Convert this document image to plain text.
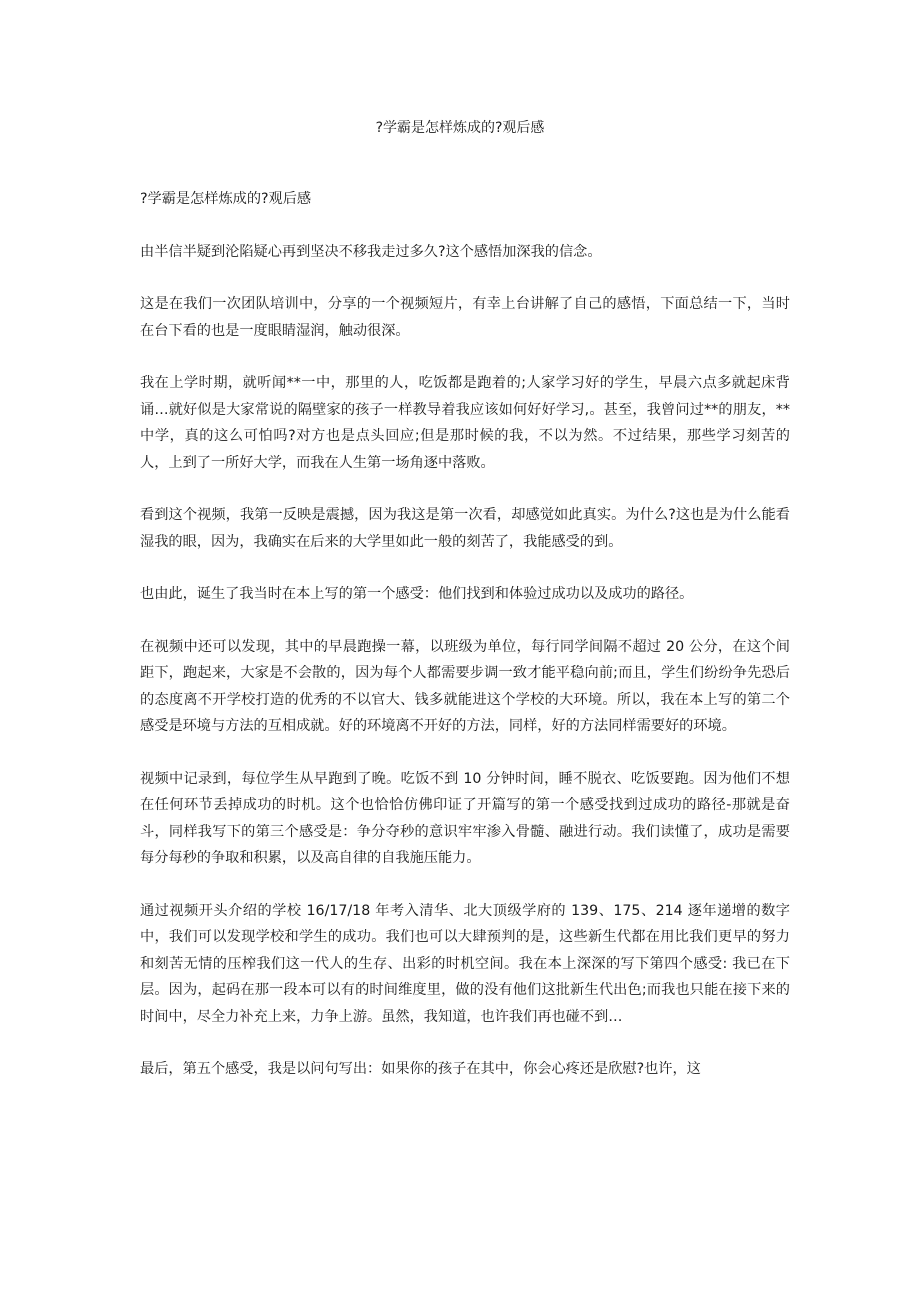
?学霸是怎样炼成的?观后感

?学霸是怎样炼成的?观后感

由半信半疑到沦陷疑心再到坚决不移我走过多久?这个感悟加深我的信念。

这是在我们一次团队培训中，分享的一个视频短片，有幸上台讲解了自己的感悟，下面总结一下，当时在台下看的也是一度眼睛湿润，触动很深。

我在上学时期，就听闻**一中，那里的人，吃饭都是跑着的;人家学习好的学生，早晨六点多就起床背诵…就好似是大家常说的隔壁家的孩子一样教导着我应该如何好好学习,。甚至，我曾问过**的朋友，**中学，真的这么可怕吗?对方也是点头回应;但是那时候的我，不以为然。不过结果，那些学习刻苦的人，上到了一所好大学，而我在人生第一场角逐中落败。

看到这个视频，我第一反映是震撼，因为我这是第一次看，却感觉如此真实。为什么?这也是为什么能看湿我的眼，因为，我确实在后来的大学里如此一般的刻苦了，我能感受的到。

也由此，诞生了我当时在本上写的第一个感受：他们找到和体验过成功以及成功的路径。

在视频中还可以发现，其中的早晨跑操一幕，以班级为单位，每行同学间隔不超过 20 公分，在这个间距下，跑起来，大家是不会散的，因为每个人都需要步调一致才能平稳向前;而且，学生们纷纷争先恐后的态度离不开学校打造的优秀的不以官大、钱多就能进这个学校的大环境。所以，我在本上写的第二个感受是环境与方法的互相成就。好的环境离不开好的方法，同样，好的方法同样需要好的环境。

视频中记录到，每位学生从早跑到了晚。吃饭不到 10 分钟时间，睡不脱衣、吃饭要跑。因为他们不想在任何环节丢掉成功的时机。这个也恰恰仿佛印证了开篇写的第一个感受找到过成功的路径-那就是奋斗，同样我写下的第三个感受是：争分夺秒的意识牢牢渗入骨髓、融进行动。我们读懂了，成功是需要每分每秒的争取和积累，以及高自律的自我施压能力。

通过视频开头介绍的学校 16/17/18 年考入清华、北大顶级学府的 139、175、214 逐年递增的数字中，我们可以发现学校和学生的成功。我们也可以大肆预判的是，这些新生代都在用比我们更早的努力和刻苦无情的压榨我们这一代人的生存、出彩的时机空间。我在本上深深的写下第四个感受: 我已在下层。因为，起码在那一段本可以有的时间维度里，做的没有他们这批新生代出色;而我也只能在接下来的时间中，尽全力补充上来，力争上游。虽然，我知道，也许我们再也碰不到…

最后，第五个感受，我是以问句写出：如果你的孩子在其中，你会心疼还是欣慰?也许，这
